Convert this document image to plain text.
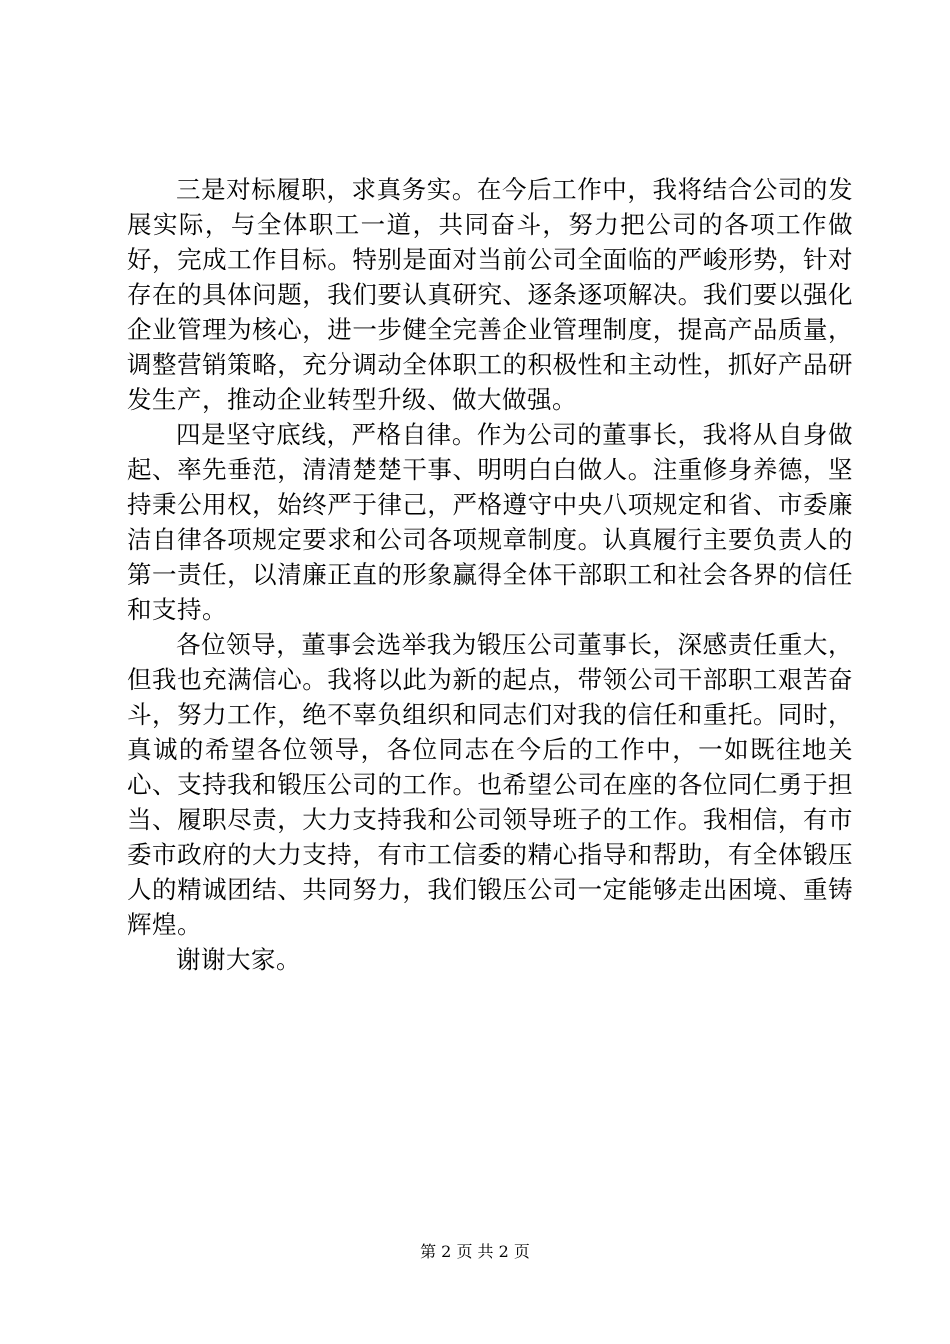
三是对标履职，求真务实。在今后工作中，我将结合公司的发展实际，与全体职工一道，共同奋斗，努力把公司的各项工作做好，完成工作目标。特别是面对当前公司全面临的严峻形势，针对存在的具体问题，我们要认真研究、逐条逐项解决。我们要以强化企业管理为核心，进一步健全完善企业管理制度，提高产品质量，调整营销策略，充分调动全体职工的积极性和主动性，抓好产品研发生产，推动企业转型升级、做大做强。

四是坚守底线，严格自律。作为公司的董事长，我将从自身做起、率先垂范，清清楚楚干事、明明白白做人。注重修身养德，坚持秉公用权，始终严于律己，严格遵守中央八项规定和省、市委廉洁自律各项规定要求和公司各项规章制度。认真履行主要负责人的第一责任，以清廉正直的形象赢得全体干部职工和社会各界的信任和支持。

各位领导，董事会选举我为锻压公司董事长，深感责任重大，但我也充满信心。我将以此为新的起点，带领公司干部职工艰苦奋斗，努力工作，绝不辜负组织和同志们对我的信任和重托。同时，真诚的希望各位领导，各位同志在今后的工作中，一如既往地关心、支持我和锻压公司的工作。也希望公司在座的各位同仁勇于担当、履职尽责，大力支持我和公司领导班子的工作。我相信，有市委市政府的大力支持，有市工信委的精心指导和帮助，有全体锻压人的精诚团结、共同努力，我们锻压公司一定能够走出困境、重铸辉煌。

谢谢大家。

第 2 页 共 2 页
